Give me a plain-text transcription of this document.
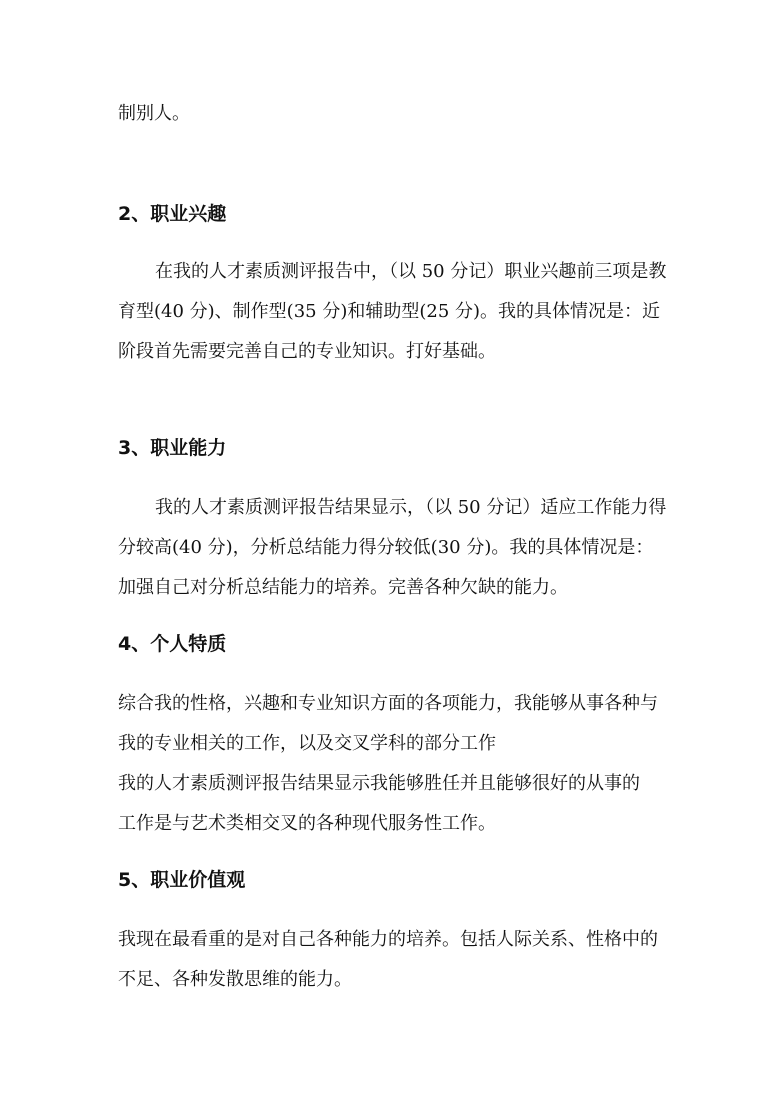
制别人。
2、职业兴趣
在我的人才素质测评报告中，（以 50 分记）职业兴趣前三项是教
育型(40 分)、制作型(35 分)和辅助型(25 分)。我的具体情况是：近
阶段首先需要完善自己的专业知识。打好基础。
3、职业能力
我的人才素质测评报告结果显示，（以 50 分记）适应工作能力得
分较高(40 分)，分析总结能力得分较低(30 分)。我的具体情况是：
加强自己对分析总结能力的培养。完善各种欠缺的能力。
4、个人特质
综合我的性格，兴趣和专业知识方面的各项能力，我能够从事各种与
我的专业相关的工作，以及交叉学科的部分工作
我的人才素质测评报告结果显示我能够胜任并且能够很好的从事的
工作是与艺术类相交叉的各种现代服务性工作。
5、职业价值观
我现在最看重的是对自己各种能力的培养。包括人际关系、性格中的
不足、各种发散思维的能力。
